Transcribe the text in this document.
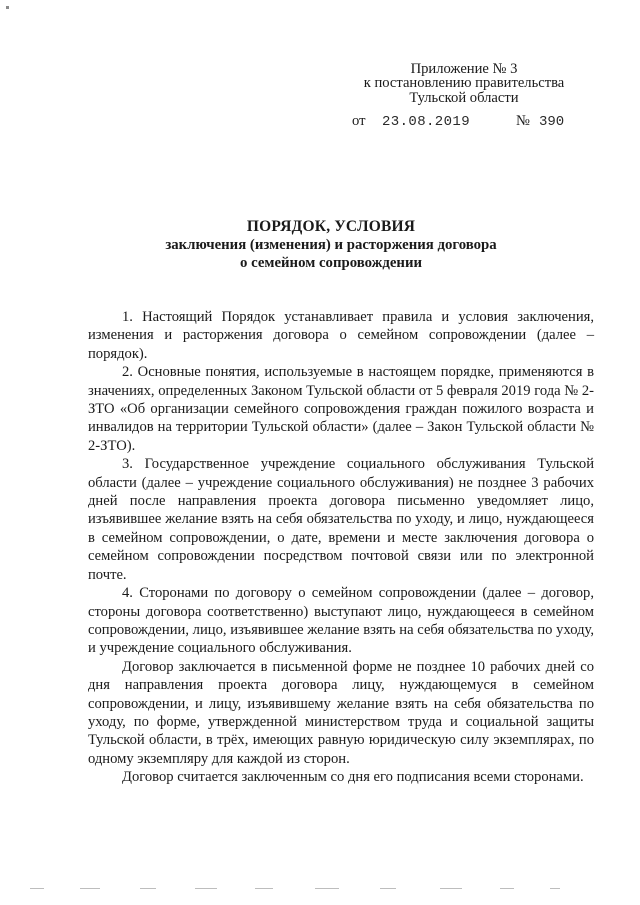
Приложение № 3
к постановлению правительства
Тульской области
от 23.08.2019	№ 390
ПОРЯДОК, УСЛОВИЯ
заключения (изменения) и расторжения договора
о семейном сопровождении

1. Настоящий Порядок устанавливает правила и условия заключения, изменения и расторжения договора о семейном сопровождении (далее – порядок).

2. Основные понятия, используемые в настоящем порядке, применяются в значениях, определенных Законом Тульской области от 5 февраля 2019 года № 2-ЗТО «Об организации семейного сопровождения граждан пожилого возраста и инвалидов на территории Тульской области» (далее – Закон Тульской области № 2-ЗТО).

3. Государственное учреждение социального обслуживания Тульской области (далее – учреждение социального обслуживания) не позднее 3 рабочих дней после направления проекта договора письменно уведомляет лицо, изъявившее желание взять на себя обязательства по уходу, и лицо, нуждающееся в семейном сопровождении, о дате, времени и месте заключения договора о семейном сопровождении посредством почтовой связи или по электронной почте.

4. Сторонами по договору о семейном сопровождении (далее – договор, стороны договора соответственно) выступают лицо, нуждающееся в семейном сопровождении, лицо, изъявившее желание взять на себя обязательства по уходу, и учреждение социального обслуживания.

Договор заключается в письменной форме не позднее 10 рабочих дней со дня направления проекта договора лицу, нуждающемуся в семейном сопровождении, и лицу, изъявившему желание взять на себя обязательства по уходу, по форме, утвержденной министерством труда и социальной защиты Тульской области, в трёх, имеющих равную юридическую силу экземплярах, по одному экземпляру для каждой из сторон.

Договор считается заключенным со дня его подписания всеми сторонами.
